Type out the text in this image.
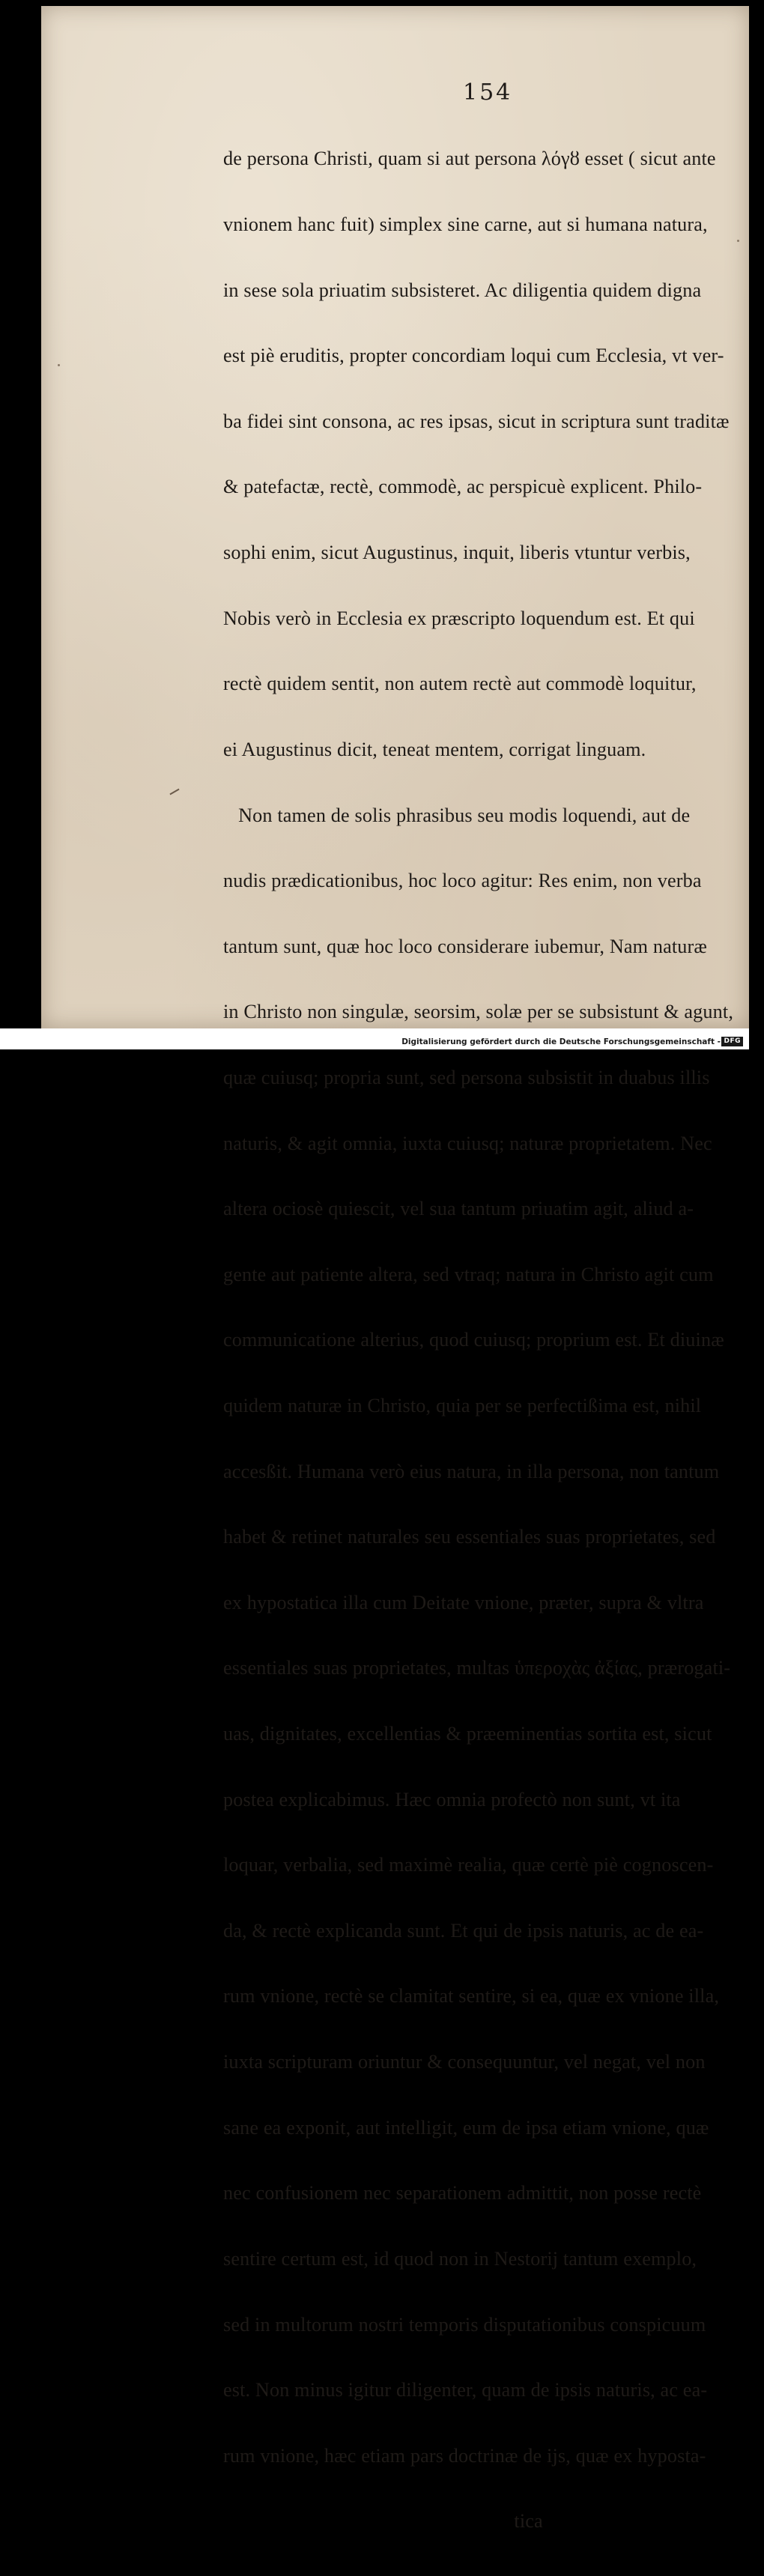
154

de persona Christi, quam si aut persona λόγȣ esset ( sicut ante

vnionem hanc fuit) simplex sine carne, aut si humana natura,

in sese sola priuatim subsisteret. Ac diligentia quidem digna

est piè eruditis, propter concordiam loqui cum Ecclesia, vt ver-

ba fidei sint consona, ac res ipsas, sicut in scriptura sunt traditæ

& patefactæ, rectè, commodè, ac perspicuè explicent. Philo-

sophi enim, sicut Augustinus, inquit, liberis vtuntur verbis,

Nobis verò in Ecclesia ex præscripto loquendum est. Et qui

rectè quidem sentit, non autem rectè aut commodè loquitur,

ei Augustinus dicit, teneat mentem, corrigat linguam.

Non tamen de solis phrasibus seu modis loquendi, aut de

nudis prædicationibus, hoc loco agitur: Res enim, non verba

tantum sunt, quæ hoc loco considerare iubemur, Nam naturæ

in Christo non singulæ, seorsim, solæ per se subsistunt & agunt,

quæ cuiusq; propria sunt, sed persona subsistit in duabus illis

naturis, & agit omnia, iuxta cuiusq; naturæ proprietatem. Nec

altera ociosè quiescit, vel sua tantum priuatim agit, aliud a-

gente aut patiente altera, sed vtraq; natura in Christo agit cum

communicatione alterius, quod cuiusq; proprium est. Et diuinæ

quidem naturæ in Christo, quia per se perfectißima est, nihil

accesßit. Humana verò eius natura, in illa persona, non tantum

habet & retinet naturales seu essentiales suas proprietates, sed

ex hypostatica illa cum Deitate vnione, præter, supra & vltra

essentiales suas proprietates, multas ὑπεροχὰς ἀξίας, prærogati-

uas, dignitates, excellentias & præeminentias sortita est, sicut

postea explicabimus. Hæc omnia profectò non sunt, vt ita

loquar, verbalia, sed maximè realia, quæ certè piè cognoscen-

da, & rectè explicanda sunt. Et qui de ipsis naturis, ac de ea-

rum vnione, rectè se clamitat sentire, si ea, quæ ex vnione illa,

iuxta scripturam oriuntur & consequuntur, vel negat, vel non

sane ea exponit, aut intelligit, eum de ipsa etiam vnione, quæ

nec confusionem nec separationem admittit, non posse rectè

sentire certum est, id quod non in Nestorij tantum exemplo,

sed in multorum nostri temporis disputationibus conspicuum

est. Non minus igitur diligenter, quam de ipsis naturis, ac ea-

rum vnione, hæc etiam pars doctrinæ de ijs, quæ ex hyposta-

tica

Digitalisierung gefördert durch die Deutsche Forschungsgemeinschaft - DFG
